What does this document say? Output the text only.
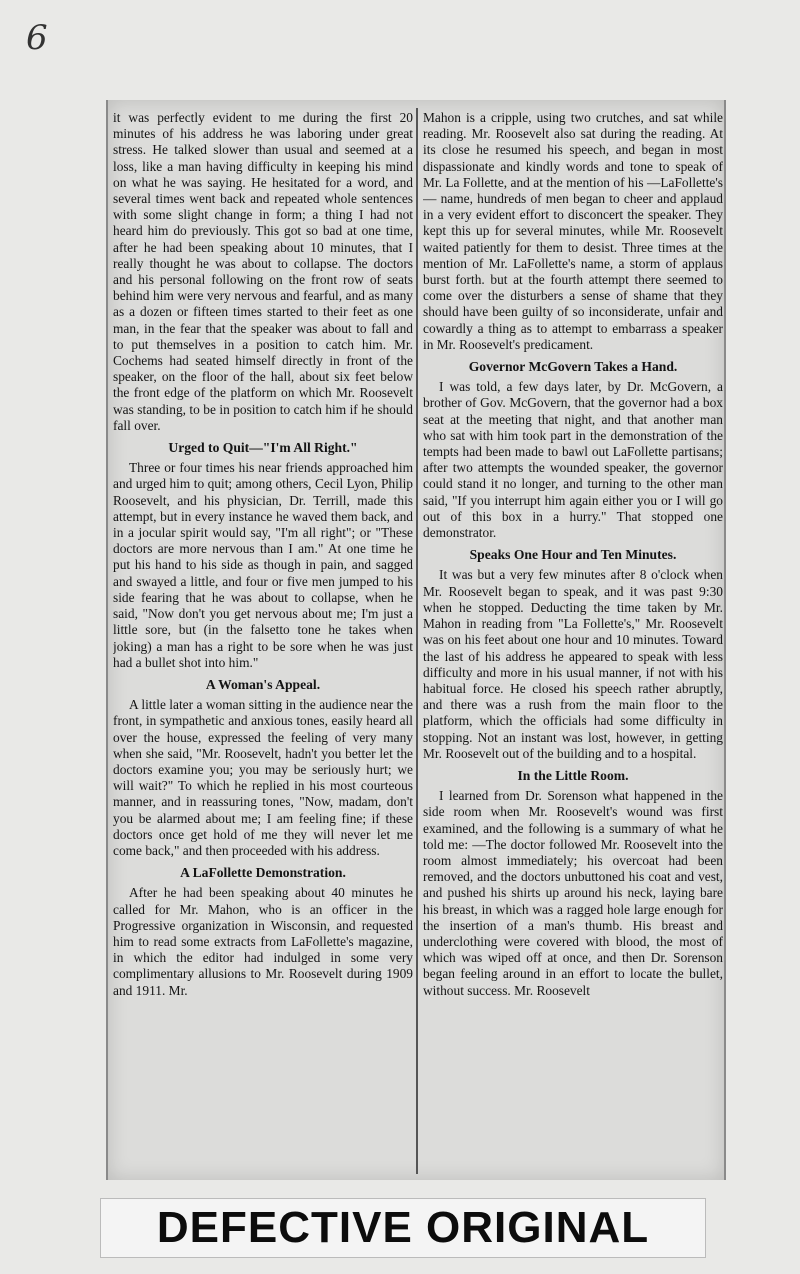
6

it was perfectly evident to me during the first 20 minutes of his address he was laboring under great stress. He talked slower than usual and seemed at a loss, like a man having difficulty in keeping his mind on what he was saying. He hesitated for a word, and several times went back and repeated whole sentences with some slight change in form; a thing I had not heard him do previously. This got so bad at one time, after he had been speaking about 10 minutes, that I really thought he was about to collapse. The doctors and his personal following on the front row of seats behind him were very nervous and fearful, and as many as a dozen or fifteen times started to their feet as one man, in the fear that the speaker was about to fall and to put themselves in a position to catch him. Mr. Cochems had seated himself directly in front of the speaker, on the floor of the hall, about six feet below the front edge of the platform on which Mr. Roosevelt was standing, to be in position to catch him if he should fall over.

Urged to Quit—"I'm All Right."

Three or four times his near friends approached him and urged him to quit; among others, Cecil Lyon, Philip Roosevelt, and his physician, Dr. Terrill, made this attempt, but in every instance he waved them back, and in a jocular spirit would say, "I'm all right"; or "These doctors are more nervous than I am." At one time he put his hand to his side as though in pain, and sagged and swayed a little, and four or five men jumped to his side fearing that he was about to collapse, when he said, "Now don't you get nervous about me; I'm just a little sore, but (in the falsetto tone he takes when joking) a man has a right to be sore when he was just had a bullet shot into him."

A Woman's Appeal.

A little later a woman sitting in the audience near the front, in sympathetic and anxious tones, easily heard all over the house, expressed the feeling of very many when she said, "Mr. Roosevelt, hadn't you better let the doctors examine you; you may be seriously hurt; we will wait?" To which he replied in his most courteous manner, and in reassuring tones, "Now, madam, don't you be alarmed about me; I am feeling fine; if these doctors once get hold of me they will never let me come back," and then proceeded with his address.

A LaFollette Demonstration.

After he had been speaking about 40 minutes he called for Mr. Mahon, who is an officer in the Progressive organization in Wisconsin, and requested him to read some extracts from LaFollette's magazine, in which the editor had indulged in some very complimentary allusions to Mr. Roosevelt during 1909 and 1911. Mr.

Mahon is a cripple, using two crutches, and sat while reading. Mr. Roosevelt also sat during the reading. At its close he resumed his speech, and began in most dispassionate and kindly words and tone to speak of Mr. La Follette, and at the mention of his —LaFollette's — name, hundreds of men began to cheer and applaud in a very evident effort to disconcert the speaker. They kept this up for several minutes, while Mr. Roosevelt waited patiently for them to desist. Three times at the mention of Mr. LaFollette's name, a storm of applaus burst forth. but at the fourth attempt there seemed to come over the disturbers a sense of shame that they should have been guilty of so inconsiderate, unfair and cowardly a thing as to attempt to embarrass a speaker in Mr. Roosevelt's predicament.

Governor McGovern Takes a Hand.

I was told, a few days later, by Dr. McGovern, a brother of Gov. McGovern, that the governor had a box seat at the meeting that night, and that another man who sat with him took part in the demonstration of the tempts had been made to bawl out LaFollette partisans; after two attempts the wounded speaker, the governor could stand it no longer, and turning to the other man said, "If you interrupt him again either you or I will go out of this box in a hurry." That stopped one demonstrator.

Speaks One Hour and Ten Minutes.

It was but a very few minutes after 8 o'clock when Mr. Roosevelt began to speak, and it was past 9:30 when he stopped. Deducting the time taken by Mr. Mahon in reading from "La Follette's," Mr. Roosevelt was on his feet about one hour and 10 minutes. Toward the last of his address he appeared to speak with less difficulty and more in his usual manner, if not with his habitual force. He closed his speech rather abruptly, and there was a rush from the main floor to the platform, which the officials had some difficulty in stopping. Not an instant was lost, however, in getting Mr. Roosevelt out of the building and to a hospital.

In the Little Room.

I learned from Dr. Sorenson what happened in the side room when Mr. Roosevelt's wound was first examined, and the following is a summary of what he told me: —The doctor followed Mr. Roosevelt into the room almost immediately; his overcoat had been removed, and the doctors unbuttoned his coat and vest, and pushed his shirts up around his neck, laying bare his breast, in which was a ragged hole large enough for the insertion of a man's thumb. His breast and underclothing were covered with blood, the most of which was wiped off at once, and then Dr. Sorenson began feeling around in an effort to locate the bullet, without success. Mr. Roosevelt

DEFECTIVE ORIGINAL
